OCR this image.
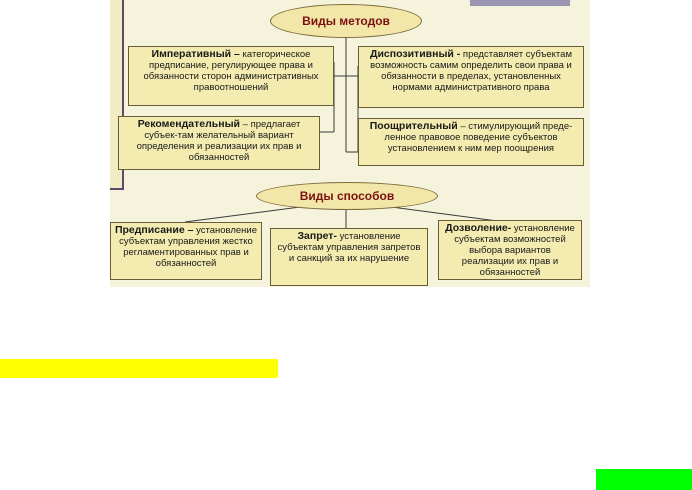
Виды методов
Императивный – категорическое предписание, регулирующее права и обязанности сторон административных правоотношений
Диспозитивный - представляет субъектам возможность самим определить свои права и обязанности в пределах, установленных нормами административного права
Рекомендательный – предлагает субъек-там желательный вариант определения и реализации их прав и обязанностей
Поощрительный – стимулирующий преде-ленное правовое поведение субъектов установлением к ним мер поощрения
Виды способов
Предписание – установление субъектам управления жестко регламентированных прав и обязанностей
Запрет- установление субъектам управления запретов и санкций за их нарушение
Дозволение- установление субъектам возможностей выбора вариантов реализации их прав и обязанностей
